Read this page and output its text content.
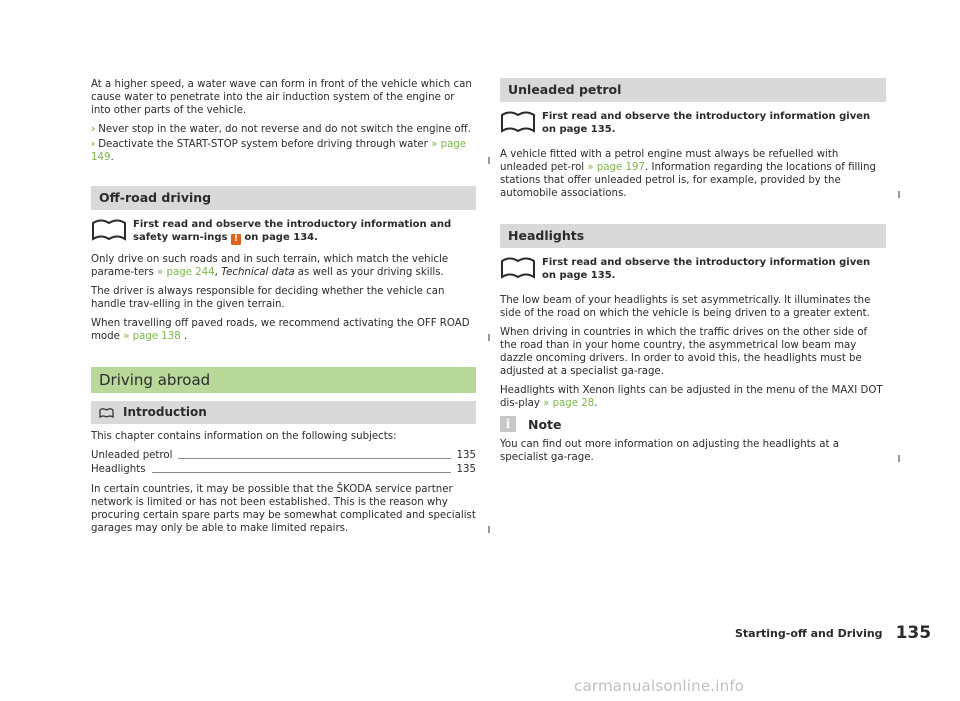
At a higher speed, a water wave can form in front of the vehicle which can cause water to penetrate into the air induction system of the engine or into other parts of the vehicle.

› Never stop in the water, do not reverse and do not switch the engine off.
› Deactivate the START-STOP system before driving through water » page 149.
Off-road driving
First read and observe the introductory information and safety warn-ings ! on page 134.

Only drive on such roads and in such terrain, which match the vehicle parame-ters » page 244, Technical data as well as your driving skills.

The driver is always responsible for deciding whether the vehicle can handle trav-elling in the given terrain.

When travelling off paved roads, we recommend activating the OFF ROAD mode » page 138 .

Driving abroad
Introduction

This chapter contains information on the following subjects:

Unleaded petrol	135
Headlights	135

In certain countries, it may be possible that the ŠKODA service partner network is limited or has not been established. This is the reason why procuring certain spare parts may be somewhat complicated and specialist garages may only be able to make limited repairs.

Unleaded petrol
First read and observe the introductory information given on page 135.

A vehicle fitted with a petrol engine must always be refuelled with unleaded pet-rol » page 197. Information regarding the locations of filling stations that offer unleaded petrol is, for example, provided by the automobile associations.

Headlights
First read and observe the introductory information given on page 135.

The low beam of your headlights is set asymmetrically. It illuminates the side of the road on which the vehicle is being driven to a greater extent.

When driving in countries in which the traffic drives on the other side of the road than in your home country, the asymmetrical low beam may dazzle oncoming drivers. In order to avoid this, the headlights must be adjusted at a specialist ga-rage.

Headlights with Xenon lights can be adjusted in the menu of the MAXI DOT dis-play » page 28.

i	Note

You can find out more information on adjusting the headlights at a specialist ga-rage.

Starting-off and Driving 135
carmanualsonline.info
